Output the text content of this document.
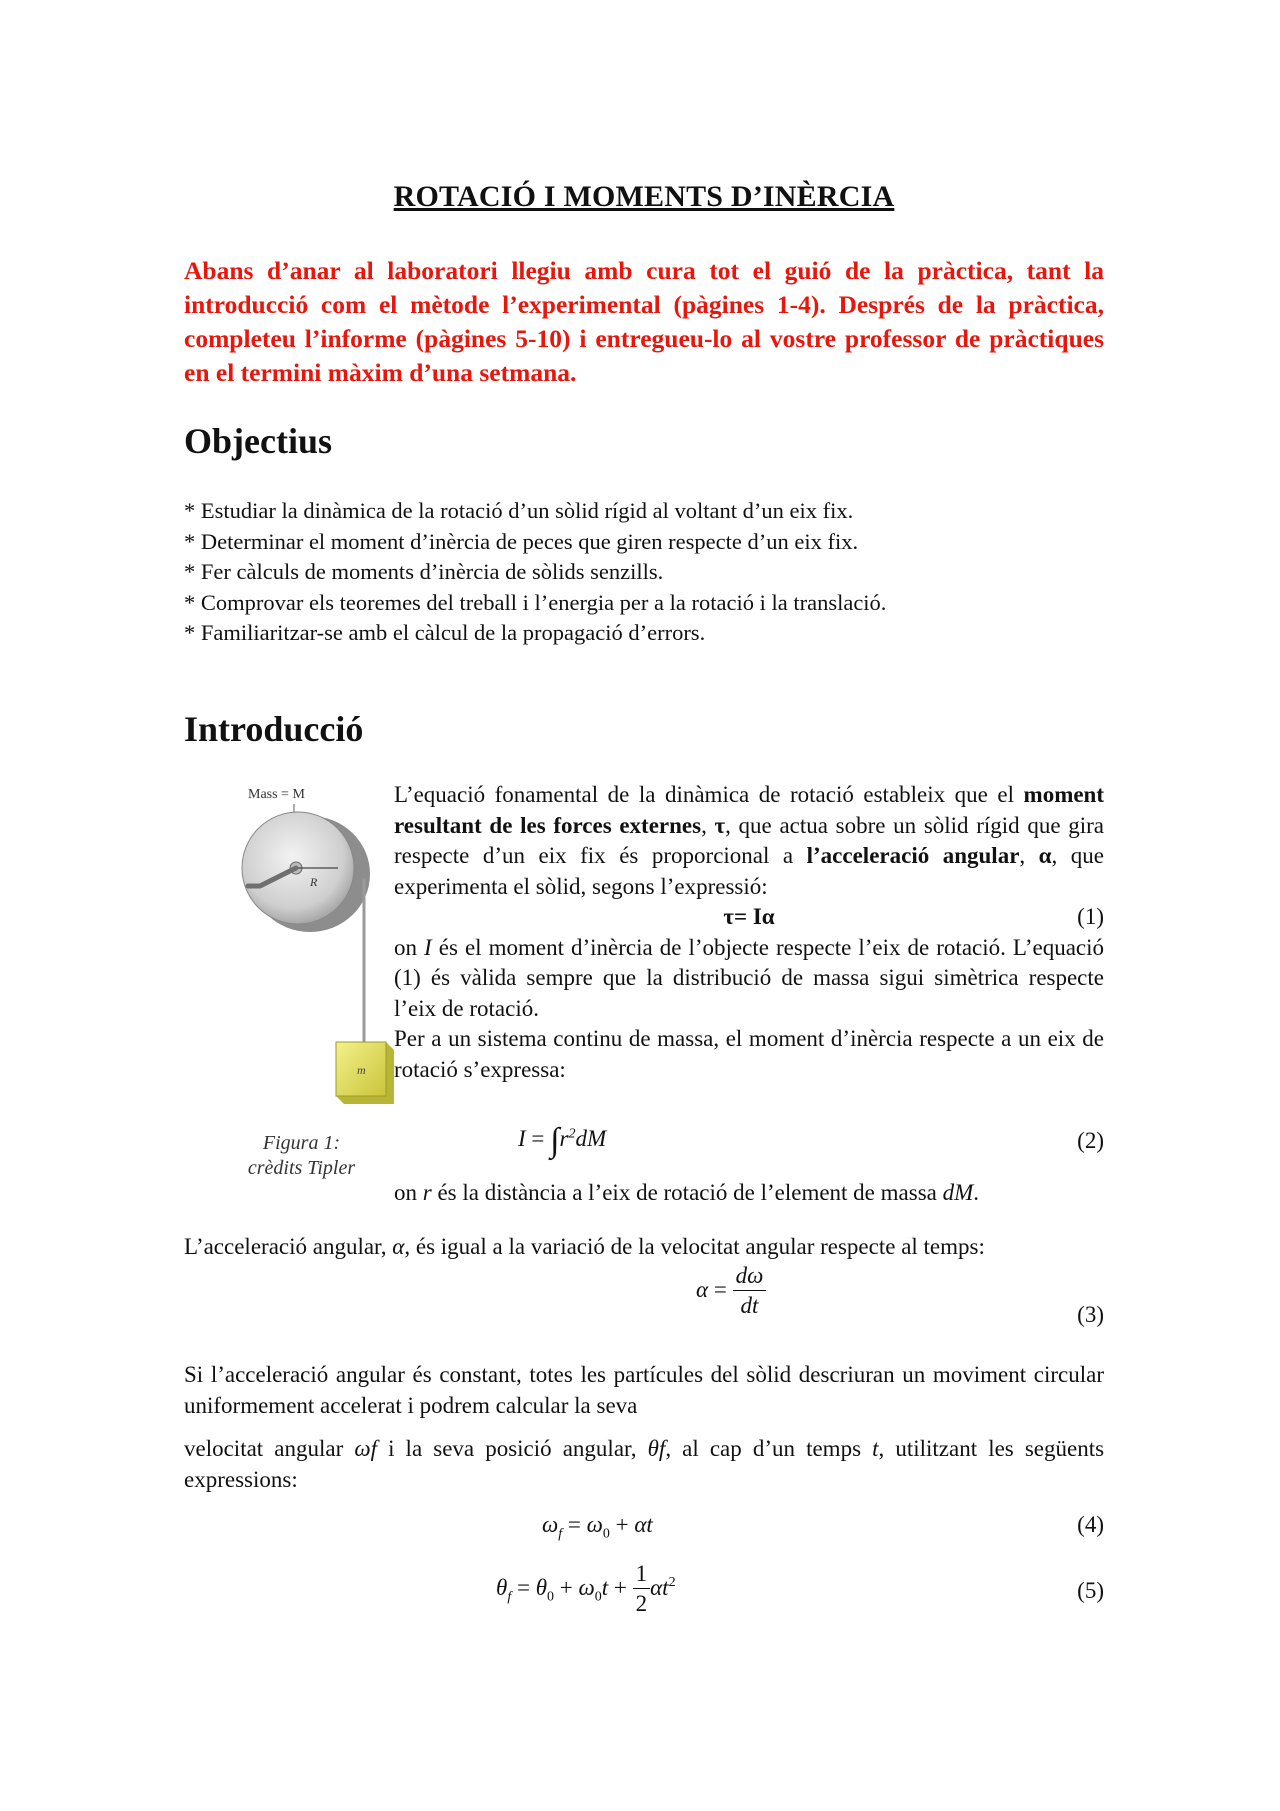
ROTACIÓ I MOMENTS D’INÈRCIA

Abans d’anar al laboratori llegiu amb cura tot el guió de la pràctica, tant la introducció com el mètode l’experimental (pàgines 1-4). Després de la pràctica, completeu l’informe (pàgines 5-10) i entregueu-lo al vostre professor de pràctiques en el termini màxim d’una setmana.

Objectius
* Estudiar la dinàmica de la rotació d’un sòlid rígid al voltant d’un eix fix.
* Determinar el moment d’inèrcia de peces que giren respecte d’un eix fix.
* Fer càlculs de moments d’inèrcia de sòlids senzills.
* Comprovar els teoremes del treball i l’energia per a la rotació i la translació.
* Familiaritzar-se amb el càlcul de la propagació d’errors.
Introducció
Mass = M
R
m
Figura 1:
crèdits Tipler

L’equació fonamental de la dinàmica de rotació estableix que el moment resultant de les forces externes, τ, que actua sobre un sòlid rígid que gira respecte d’un eix fix és proporcional a l’acceleració angular, α, que experimenta el sòlid, segons l’expressió:

τ= Iα	(1)

on I és el moment d’inèrcia de l’objecte respecte l’eix de rotació. L’equació (1) és vàlida sempre que la distribució de massa sigui simètrica respecte l’eix de rotació.

Per a un sistema continu de massa, el moment d’inèrcia respecte a un eix de rotació s’expressa:

$I = \int r^2dM$	(2)

on r és la distància a l’eix de rotació de l’element de massa dM.

L’acceleració angular, α, és igual a la variació de la velocitat angular respecte al temps:

$\alpha = \frac{d\omega}{dt}$	(3)

Si l’acceleració angular és constant, totes les partícules del sòlid descriuran un moviment circular uniformement accelerat i podrem calcular la seva

velocitat angular ωf i la seva posició angular, θf, al cap d’un temps t, utilitzant les següents expressions:

$\omega_f = \omega_0 + \alpha t$	(4)
$\theta_f = \theta_0 + \omega_0t + \frac{1}{2} \alpha t^2$	(5)
